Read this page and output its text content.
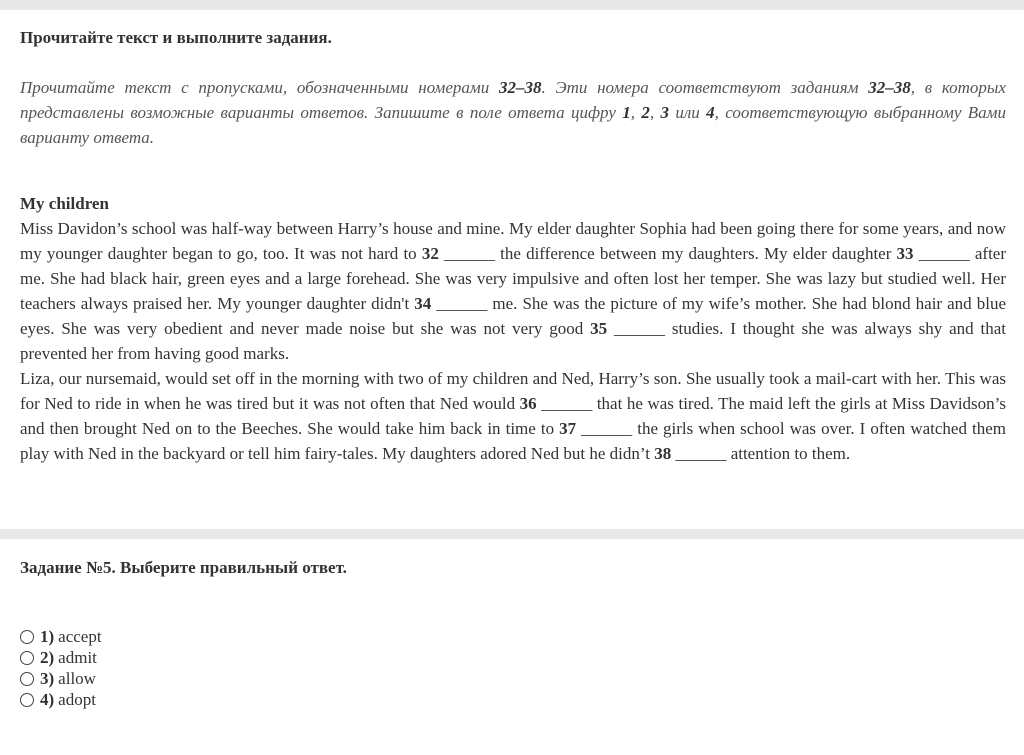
Прочитайте текст и выполните задания.

Прочитайте текст с пропусками, обозначенными номерами 32–38. Эти номера соответствуют заданиям 32–38, в которых представлены возможные варианты ответов. Запишите в поле ответа цифру 1, 2, 3 или 4, соответствующую выбранному Вами варианту ответа.
My children

Miss Davidon’s school was half-way between Harry’s house and mine. My elder daughter Sophia had been going there for some years, and now my younger daughter began to go, too. It was not hard to 32 ______ the difference between my daughters. My elder daughter 33 ______ after me. She had black hair, green eyes and a large forehead. She was very impulsive and often lost her temper. She was lazy but studied well. Her teachers always praised her. My younger daughter didn't 34 ______ me. She was the picture of my wife’s mother. She had blond hair and blue eyes. She was very obedient and never made noise but she was not very good 35 ______ studies. I thought she was always shy and that prevented her from having good marks.

Liza, our nursemaid, would set off in the morning with two of my children and Ned, Harry’s son. She usually took a mail-cart with her. This was for Ned to ride in when he was tired but it was not often that Ned would 36 ______ that he was tired. The maid left the girls at Miss Davidson’s and then brought Ned on to the Beeches. She would take him back in time to 37 ______ the girls when school was over. I often watched them play with Ned in the backyard or tell him fairy-tales. My daughters adored Ned but he didn’t 38 ______ attention to them.

Задание №5. Выберите правильный ответ.

1) accept
2) admit
3) allow
4) adopt
